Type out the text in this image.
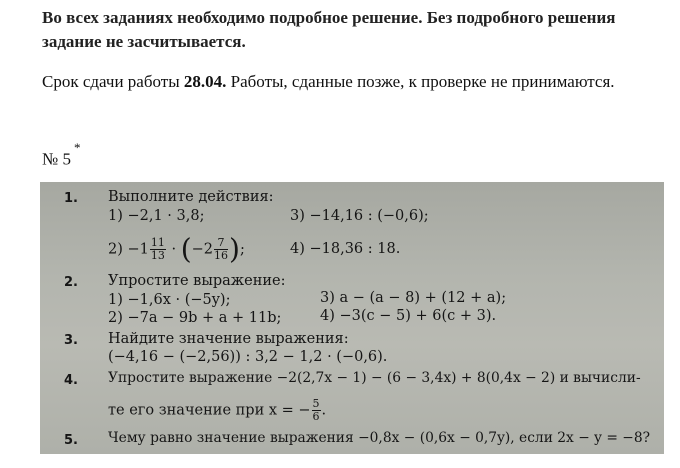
Во всех заданиях необходимо подробное решение. Без подробного решения задание не засчитывается.
Срок сдачи работы 28.04. Работы, сданные позже, к проверке не принимаются.
№ 5*
1. Выполните действия:
1) −2,1 · 3,8;	3) −14,16 : (−0,6);
$2) -1 \frac{11}{13} \cdot (-2 \frac{7}{16}$ );	4) −18,36 : 18.
2. Упростите выражение:
1) −1,6x · (−5y);	3) a − (a − 8) + (12 + a);
2) −7a − 9b + a + 11b;	4) −3(c − 5) + 6(c + 3).
3. Найдите значение выражения:
(−4,16 − (−2,56)) : 3,2 − 1,2 · (−0,6).
4. Упростите выражение −2(2,7x − 1) − (6 − 3,4x) + 8(0,4x − 2) и вычисли-
те его значение при x = − $\frac{5}{6}$ .
5. Чему равно значение выражения −0,8x − (0,6x − 0,7y), если 2x − y = −8?
